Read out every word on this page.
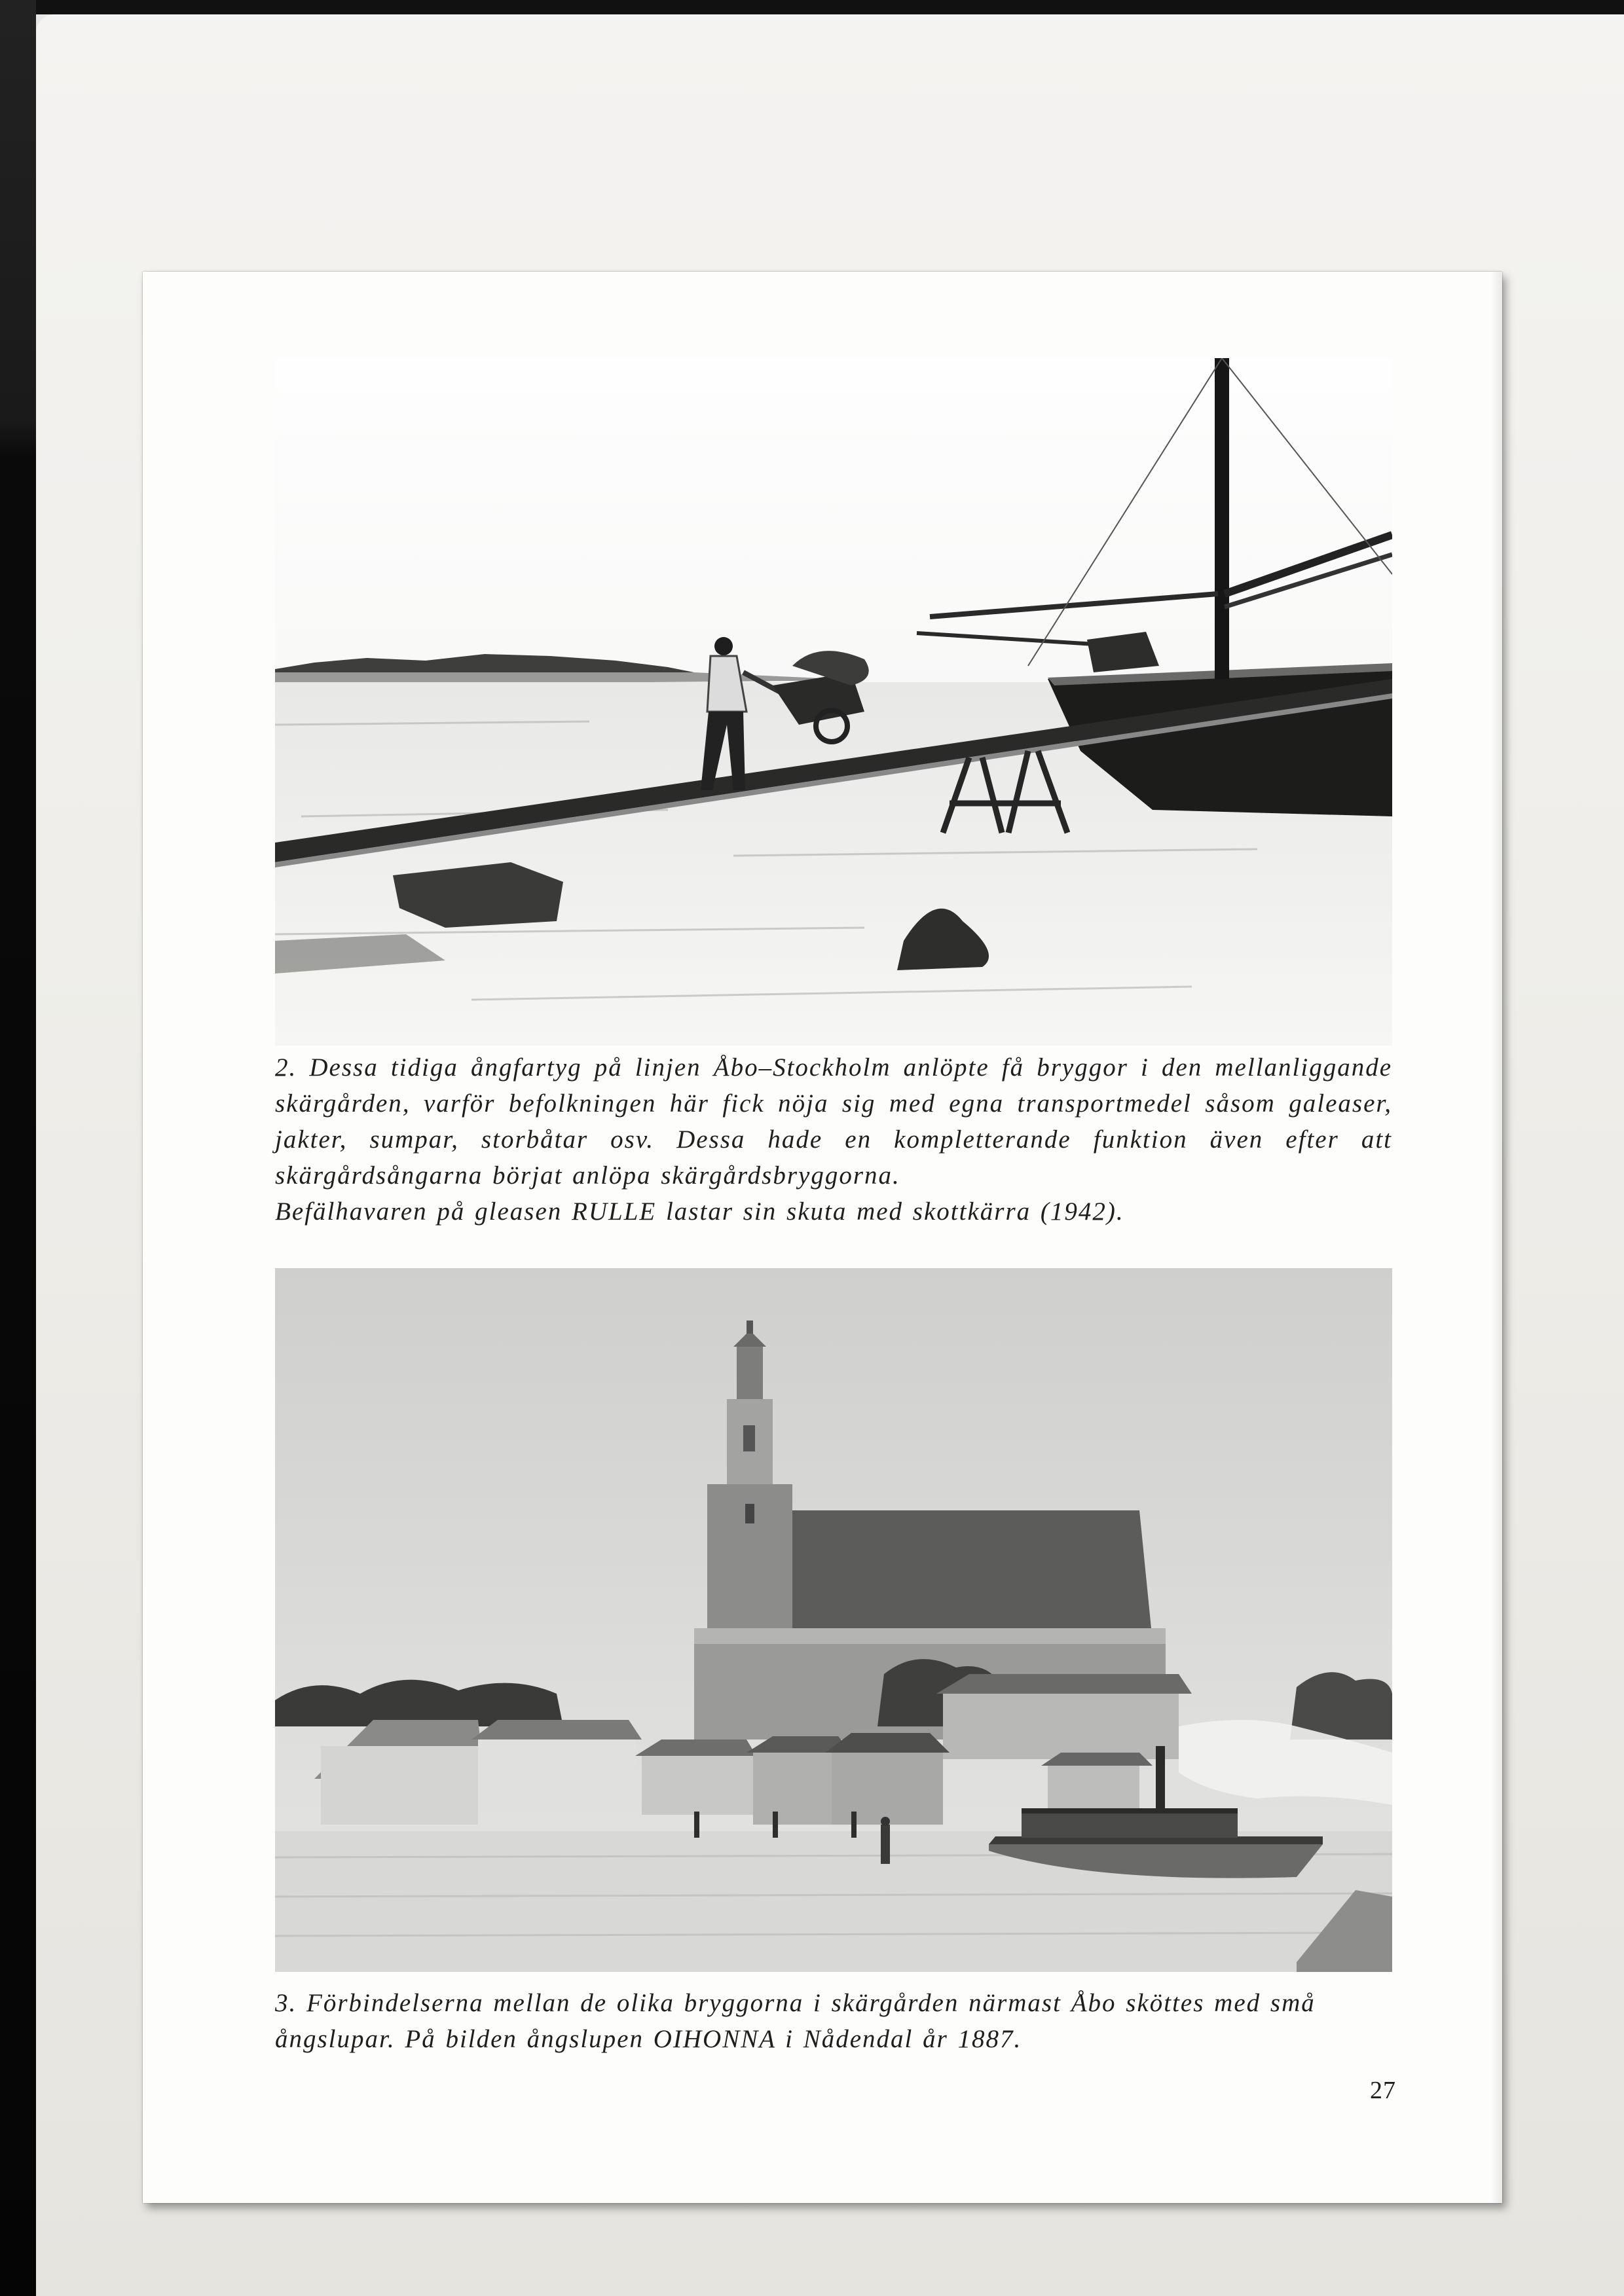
2. Dessa tidiga ångfartyg på linjen Åbo–Stockholm anlöpte få bryggor i den mellanliggande skärgården, varför befolkningen här fick nöja sig med egna transportmedel såsom galeaser, jakter, sumpar, storbåtar osv. Dessa hade en kompletterande funktion även efter att skärgårdsångarna börjat anlöpa skärgårdsbryggorna.
Befälhavaren på gleasen RULLE lastar sin skuta med skottkärra (1942).

3. Förbindelserna mellan de olika bryggorna i skärgården närmast Åbo sköttes med små ångslupar. På bilden ångslupen OIHONNA i Nådendal år 1887.

27
